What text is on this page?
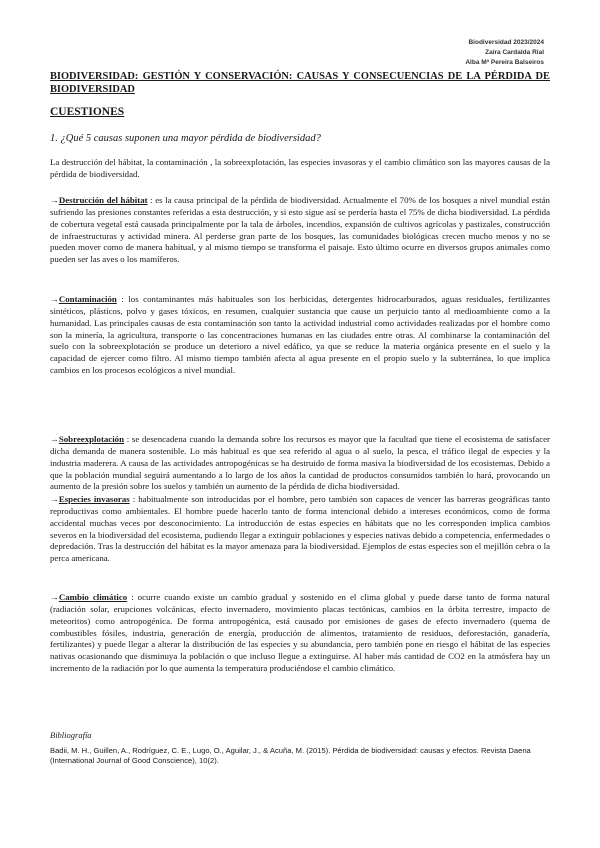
Biodiversidad 2023/2024
Zaira Cardalda Rial
Alba Mª Pereira Balseiros
BIODIVERSIDAD: GESTIÓN Y CONSERVACIÓN: CAUSAS Y CONSECUENCIAS DE LA PÉRDIDA DE BIODIVERSIDAD
CUESTIONES
1. ¿Qué 5 causas suponen una mayor pérdida de biodiversidad?

La destrucción del hábitat, la contaminación , la sobreexplotación, las especies invasoras y el cambio climático son las mayores causas de la pérdida de biodiversidad.

→Destrucción del hábitat : es la causa principal de la pérdida de biodiversidad. Actualmente el 70% de los bosques a nivel mundial están sufriendo las presiones constantes referidas a esta destrucción, y si esto sigue así se perdería hasta el 75% de dicha biodiversidad. La pérdida de cobertura vegetal está causada principalmente por la tala de árboles, incendios, expansión de cultivos agrícolas y pastizales, construcción de infraestructuras y actividad minera. Al perderse gran parte de los bosques, las comunidades biológicas crecen mucho menos y no se pueden mover como de manera habitual, y al mismo tiempo se transforma el paisaje. Esto último ocurre en diversos grupos animales como pueden ser las aves o los mamíferos.

→Contaminación : los contaminantes más habituales son los herbicidas, detergentes hidrocarburados, aguas residuales, fertilizantes sintéticos, plásticos, polvo y gases tóxicos, en resumen, cualquier sustancia que cause un perjuicio tanto al medioambiente como a la humanidad. Las principales causas de esta contaminación son tanto la actividad industrial como actividades realizadas por el hombre como son la minería, la agricultura, transporte o las concentraciones humanas en las ciudades entre otras. Al combinarse la contaminación del suelo con la sobreexplotación se produce un deterioro a nivel edáfico, ya que se reduce la materia orgánica presente en el suelo y la capacidad de ejercer como filtro. Al mismo tiempo también afecta al agua presente en el propio suelo y la subterránea, lo que implica cambios en los procesos ecológicos a nivel mundial.

→Sobreexplotación : se desencadena cuando la demanda sobre los recursos es mayor que la facultad que tiene el ecosistema de satisfacer dicha demanda de manera sostenible. Lo más habitual es que sea referido al agua o al suelo, la pesca, el tráfico ilegal de especies y la industria maderera. A causa de las actividades antropogénicas se ha destruido de forma masiva la biodiversidad de los ecosistemas. Debido a que la población mundial seguirá aumentando a lo largo de los años la cantidad de productos consumidos también lo hará, provocando un aumento de la presión sobre los suelos y también un aumento de la pérdida de dicha biodiversidad.

→Especies invasoras : habitualmente son introducidas por el hombre, pero también son capaces de vencer las barreras geográficas tanto reproductivas como ambientales. El hombre puede hacerlo tanto de forma intencional debido a intereses económicos, como de forma accidental muchas veces por desconocimiento. La introducción de estas especies en hábitats que no les corresponden implica cambios severos en la biodiversidad del ecosistema, pudiendo llegar a extinguir poblaciones y especies nativas debido a competencia, enfermedades o depredación. Tras la destrucción del hábitat es la mayor amenaza para la biodiversidad. Ejemplos de estas especies son el mejillón cebra o la perca americana.

→Cambio climático : ocurre cuando existe un cambio gradual y sostenido en el clima global y puede darse tanto de forma natural (radiación solar, erupciones volcánicas, efecto invernadero, movimiento placas tectónicas, cambios en la órbita terrestre, impacto de meteoritos) como antropogénica. De forma antropogénica, está causado por emisiones de gases de efecto invernadero (quema de combustibles fósiles, industria, generación de energía, producción de alimentos, tratamiento de residuos, deforestación, ganadería, fertilizantes) y puede llegar a alterar la distribución de las especies y su abundancia, pero también pone en riesgo el hábitat de las especies nativas ocasionando que disminuya la población o que incluso llegue a extinguirse. Al haber más cantidad de CO2 en la atmósfera hay un incremento de la radiación por lo que aumenta la temperatura produciéndose el cambio climático.

Bibliografía
Badii, M. H., Guillen, A., Rodríguez, C. E., Lugo, O., Aguilar, J., & Acuña, M. (2015). Pérdida de biodiversidad: causas y efectos. Revista Daena (International Journal of Good Conscience), 10(2).
